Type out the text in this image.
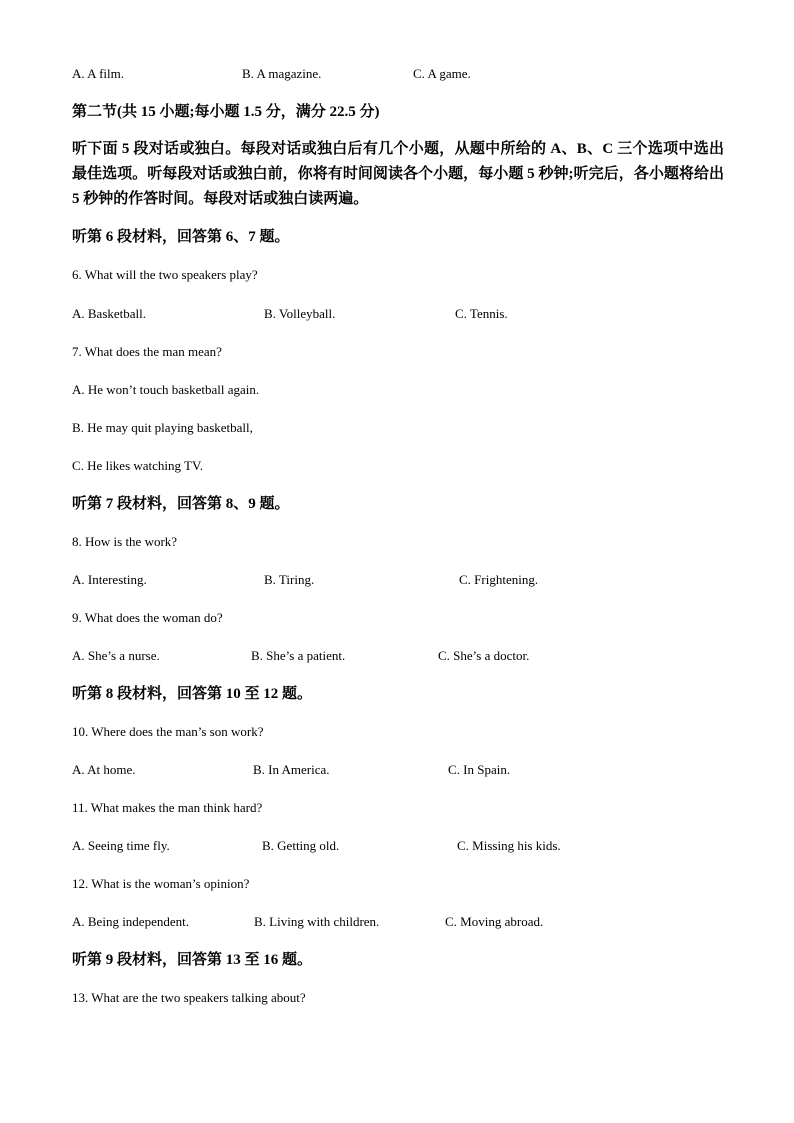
A. A film.	B. A magazine.	C. A game.
第二节(共 15 小题;每小题 1.5 分，满分 22.5 分)
听下面 5 段对话或独白。每段对话或独白后有几个小题，从题中所给的 A、B、C 三个选项中选出最佳选项。听每段对话或独白前，你将有时间阅读各个小题，每小题 5 秒钟;听完后，各小题将给出 5 秒钟的作答时间。每段对话或独白读两遍。
听第 6 段材料，回答第 6、7 题。
6. What will the two speakers play?
A. Basketball.	B. Volleyball.	C. Tennis.
7. What does the man mean?
A. He won’t touch basketball again.
B. He may quit playing basketball,
C. He likes watching TV.
听第 7 段材料，回答第 8、9 题。
8. How is the work?
A. Interesting.	B. Tiring.	C. Frightening.
9. What does the woman do?
A. She’s a nurse.	B. She’s a patient.	C. She’s a doctor.
听第 8 段材料，回答第 10 至 12 题。
10. Where does the man’s son work?
A. At home.	B. In America.	C. In Spain.
11. What makes the man think hard?
A. Seeing time fly.	B. Getting old.	C. Missing his kids.
12. What is the woman’s opinion?
A. Being independent.	B. Living with children.	C. Moving abroad.
听第 9 段材料，回答第 13 至 16 题。
13. What are the two speakers talking about?
